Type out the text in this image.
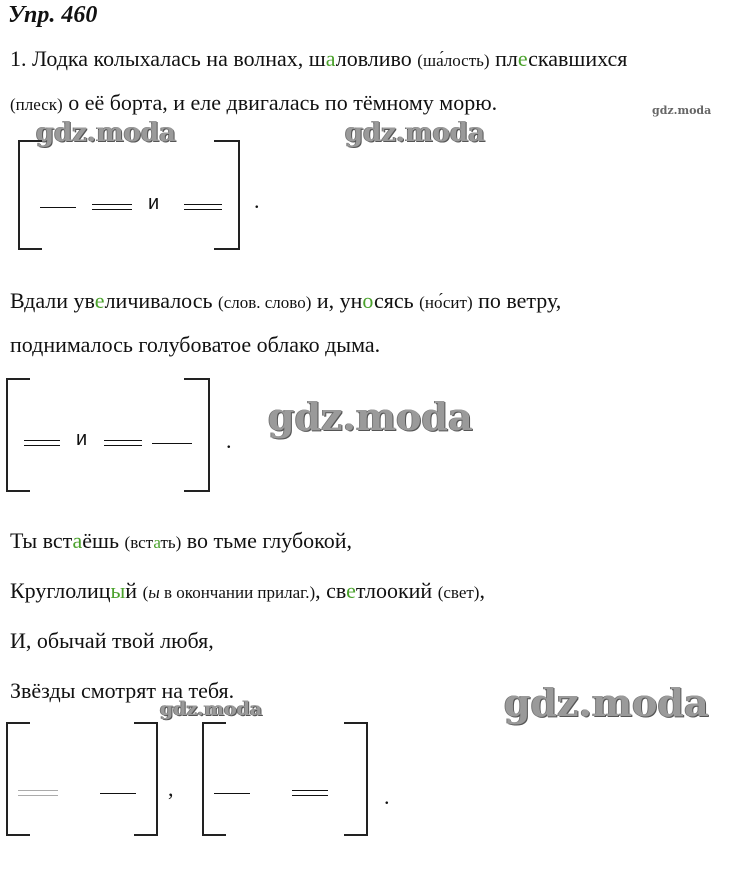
Упр. 460
1. Лодка колыхалась на волнах, шаловливо (ша ́лость) плескавшихся
(плеск) о её борта, и еле двигалась по тёмному морю.	gdz.moda
gdz.moda	gdz.moda
и	.
Вдали увеличивалось (слов. слово) и, уносясь (но ́сит) по ветру,
поднималось голубоватое облако дыма.
и	.
gdz.moda
Ты встаёшь (встать) во тьме глубокой,
Круглолицый (ы в окончании прилаг.), светлоокий (свет),
И, обычай твой любя,
Звёзды смотрят на тебя.
gdz.moda	gdz.moda
,	.
